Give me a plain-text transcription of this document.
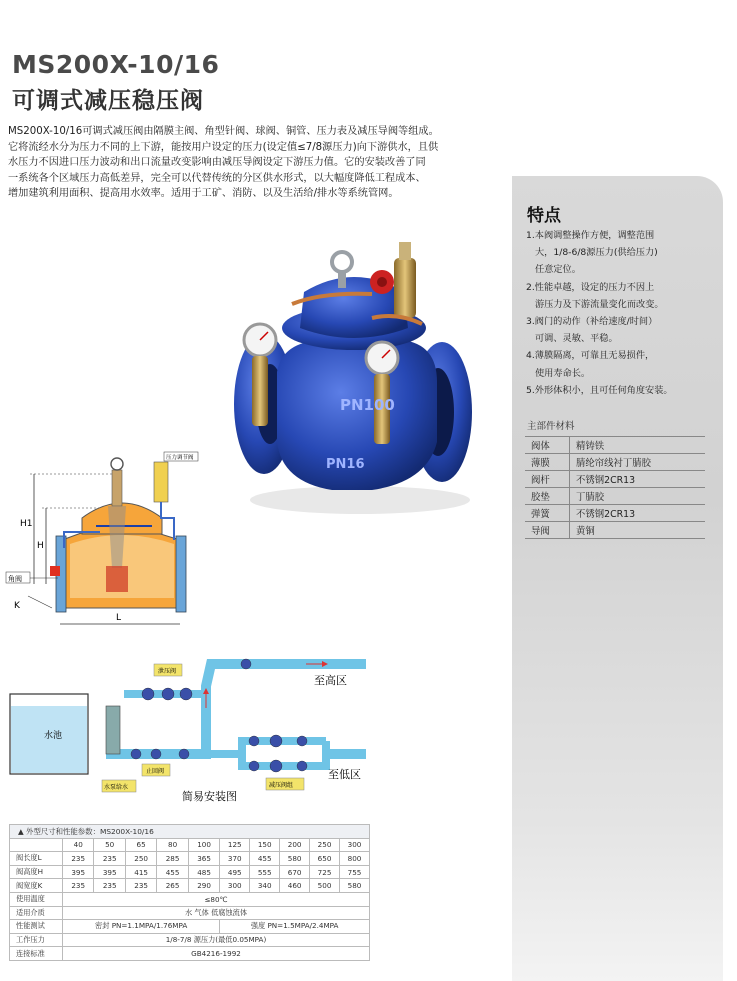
MS200X-10/16
可调式减压稳压阀
MS200X-10/16可调式减压阀由隔膜主阀、角型针阀、球阀、铜管、压力表及减压导阀等组成。
它将流经水分为压力不同的上下游，能按用户设定的压力(设定值≤7/8源压力)向下游供水，且供
水压力不因进口压力波动和出口流量改变影响由减压导阀设定下游压力值。它的安装改善了同
一系统各个区域压力高低差异，完全可以代替传统的分区供水形式，以大幅度降低工程成本、
增加建筑利用面积、提高用水效率。适用于工矿、消防、以及生活给/排水等系统管网。
特点
1.本阀调整操作方便，调整范围
大，1/8-6/8源压力(供给压力)
任意定位。
2.性能卓越，设定的压力不因上
游压力及下游流量变化而改变。
3.阀门的动作（补给速度/时间）
可调、灵敏、平稳。
4.薄膜隔离，可靠且无易损件，
使用寿命长。
5.外形体积小，且可任何角度安装。
主部件材料
阀体	精铸铁
薄膜	腈纶帘线衬丁腈胶
阀杆	不锈钢2CR13
胶垫	丁腈胶
弹簧	不锈钢2CR13
导阀	黄铜
PN100
PN16
H1
H
L
K
压力调节阀
角阀
水池
泄压阀
止回阀
水泵给水	减压阀组
至高区
至低区
简易安装图
▲ 外型尺寸和性能参数：MS200X-10/16										
	40	50	65	80	100	125	150	200	250	300
阀长度L	235	235	250	285	365	370	455	580	650	800
阀高度H	395	395	415	455	485	495	555	670	725	755
阀宽度K	235	235	235	265	290	300	340	460	500	580
使用温度	≤80℃									
适用介质	水 气体 低腐蚀流体									
性能测试	密封 PN=1.1MPA/1.76MPA					强度 PN=1.5MPA/2.4MPA				
工作压力	1/8-7/8 源压力(最低0.05MPA)									
连接标准	GB4216-1992									
